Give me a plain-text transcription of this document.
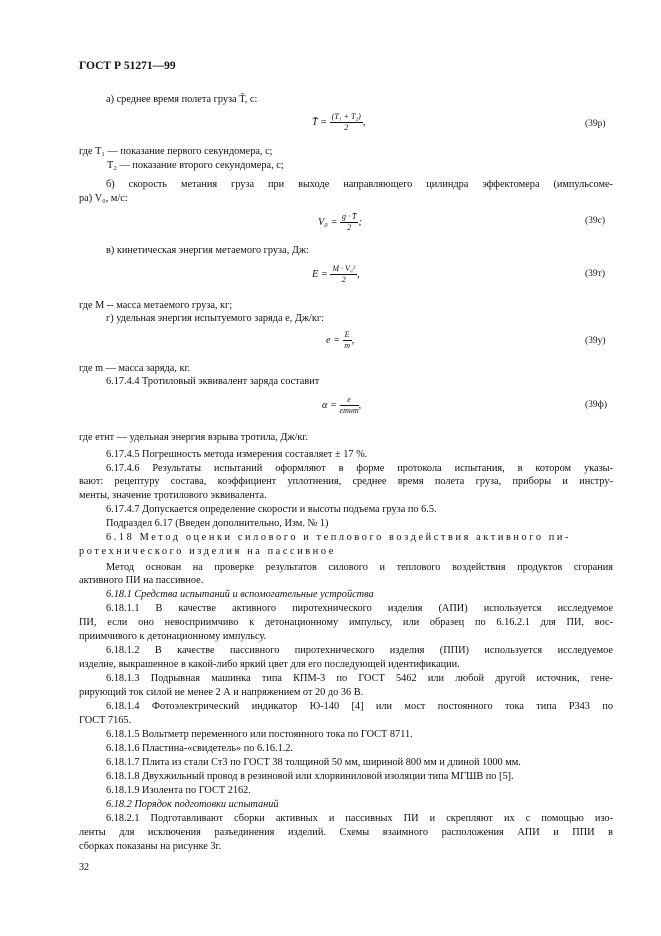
ГОСТ Р 51271—99
а) среднее время полета груза T̄, с:
T̄ = $\frac{\text{(T₁ + T₂)}}{2}$ ,	(39р)
где T₁ — показание первого секундомера, с;
T₂ — показание второго секундомера, с;
б) скорость метания груза при выходе направляющего цилиндра эффектомера (импульсоме-
ра) V₀, м/с:
$V_0 = \frac{g \cdot T̄}{2}$ ;	(39с)
в) кинетическая энергия метаемого груза, Дж:
$E = \frac{\text{M · V₀²}}{2}$ ,	(39т)
где M -- масса метаемого груза, кг;
г) удельная энергия испытуемого заряда e, Дж/кг:
$e = \frac{E}{m}$ ,	(39у)
где m — масса заряда, кг.
6.17.4.4 Тротиловый эквивалент заряда составит
$\alpha = \frac{e}{\text{eтнт}}$ ,	(39ф)
где eтнт — удельная энергия взрыва тротила, Дж/кг.
6.17.4.5 Погрешность метода измерения составляет ± 17 %.
6.17.4.6 Результаты испытаний оформляют в форме протокола испытания, в котором указы-
вают: рецептуру состава, коэффициент уплотнения, среднее время полета груза, приборы и инстру-
менты, значение тротилового эквивалента.
6.17.4.7 Допускается определение скорости и высоты подъема груза по 6.5.
Подраздел 6.17 (Введен дополнительно, Изм. № 1)
6.18 Метод оценки силового и теплового воздействия активного пи-
ротехнического изделия на пассивное
Метод основан на проверке результатов силового и теплового воздействия продуктов сгорания
активного ПИ на пассивное.
6.18.1 Средства испытаний и вспомогательные устройства
6.18.1.1 В качестве активного пиротехнического изделия (АПИ) используется исследуемое
ПИ, если оно невосприимчиво к детонационному импульсу, или образец по 6.16.2.1 для ПИ, вос-
приимчивого к детонационному импульсу.
6.18.1.2 В качестве пассивного пиротехнического изделия (ППИ) используется исследуемое
изделие, выкрашенное в какой-либо яркий цвет для его последующей идентификации.
6.18.1.3 Подрывная машинка типа КПМ-3 по ГОСТ 5462 или любой другой источник, гене-
рирующий ток силой не менее 2 А и напряжением от 20 до 36 В.
6.18.1.4 Фотоэлектрический индикатор Ю-140 [4] или мост постоянного тока типа Р343 по
ГОСТ 7165.
6.18.1.5 Вольтметр переменного или постоянного тока по ГОСТ 8711.
6.18.1.6 Пластина-«свидетель» по 6.16.1.2.
6.18.1.7 Плита из стали Ст3 по ГОСТ 38 толщиной 50 мм, шириной 800 мм и длиной 1000 мм.
6.18.1.8 Двухжильный провод в резиновой или хлорвиниловой изоляции типа МГШВ по [5].
6.18.1.9 Изолента по ГОСТ 2162.
6.18.2 Порядок подготовки испытаний
6.18.2.1 Подготавливают сборки активных и пассивных ПИ и скрепляют их с помощью изо-
ленты для исключения разъединения изделий. Схемы взаимного расположения АПИ и ППИ в
сборках показаны на рисунке 3г.
32
